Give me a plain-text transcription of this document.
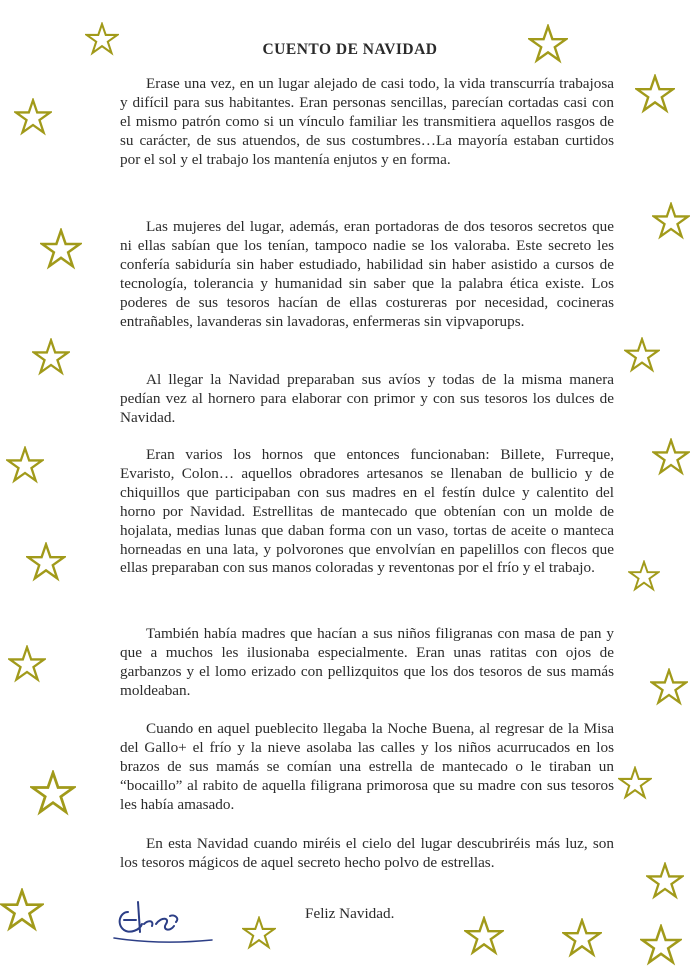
CUENTO DE NAVIDAD

Erase una vez, en un lugar alejado de casi todo, la vida transcurría trabajosa y difícil para sus habitantes. Eran personas sencillas, parecían cortadas casi con el mismo patrón como si un vínculo familiar les transmitiera aquellos rasgos de su carácter, de sus atuendos, de sus costumbres…La mayoría estaban curtidos por el sol y el trabajo los mantenía enjutos y en forma.

Las mujeres del lugar, además, eran portadoras de dos tesoros secretos que ni ellas sabían que los tenían, tampoco nadie se los valoraba. Este secreto les confería sabiduría sin haber estudiado, habilidad sin haber asistido a cursos de tecnología, tolerancia y humanidad sin saber que la palabra ética existe. Los poderes de sus tesoros hacían de ellas costureras por necesidad, cocineras entrañables, lavanderas sin lavadoras, enfermeras sin vipvaporups.

Al llegar la Navidad preparaban sus avíos y todas de la misma manera pedían vez al hornero para elaborar con primor y con sus tesoros los dulces de Navidad.

Eran varios los hornos que entonces funcionaban: Billete, Furreque, Evaristo, Colon… aquellos obradores artesanos se llenaban de bullicio y de chiquillos que participaban con sus madres en el festín dulce y calentito del horno por Navidad. Estrellitas de mantecado que obtenían con un molde de hojalata, medias lunas que daban forma con un vaso, tortas de aceite o manteca horneadas en una lata, y polvorones que envolvían en papelillos con flecos que ellas preparaban con sus manos coloradas y reventonas por el frío y el trabajo.

También había madres que hacían a sus niños filigranas con masa de pan y que a muchos les ilusionaba especialmente. Eran unas ratitas con ojos de garbanzos y el lomo erizado con pellizquitos que los dos tesoros de sus mamás moldeaban.

Cuando en aquel pueblecito llegaba la Noche Buena, al regresar de la Misa del Gallo+ el frío y la nieve asolaba las calles y los niños acurrucados en los brazos de sus mamás se comían una estrella de mantecado o le tiraban un “bocaillo” al rabito de aquella filigrana primorosa que su madre con sus tesoros les había amasado.

En esta Navidad cuando miréis el cielo del lugar descubriréis más luz, son los tesoros mágicos de aquel secreto hecho polvo de estrellas.

Feliz Navidad.
